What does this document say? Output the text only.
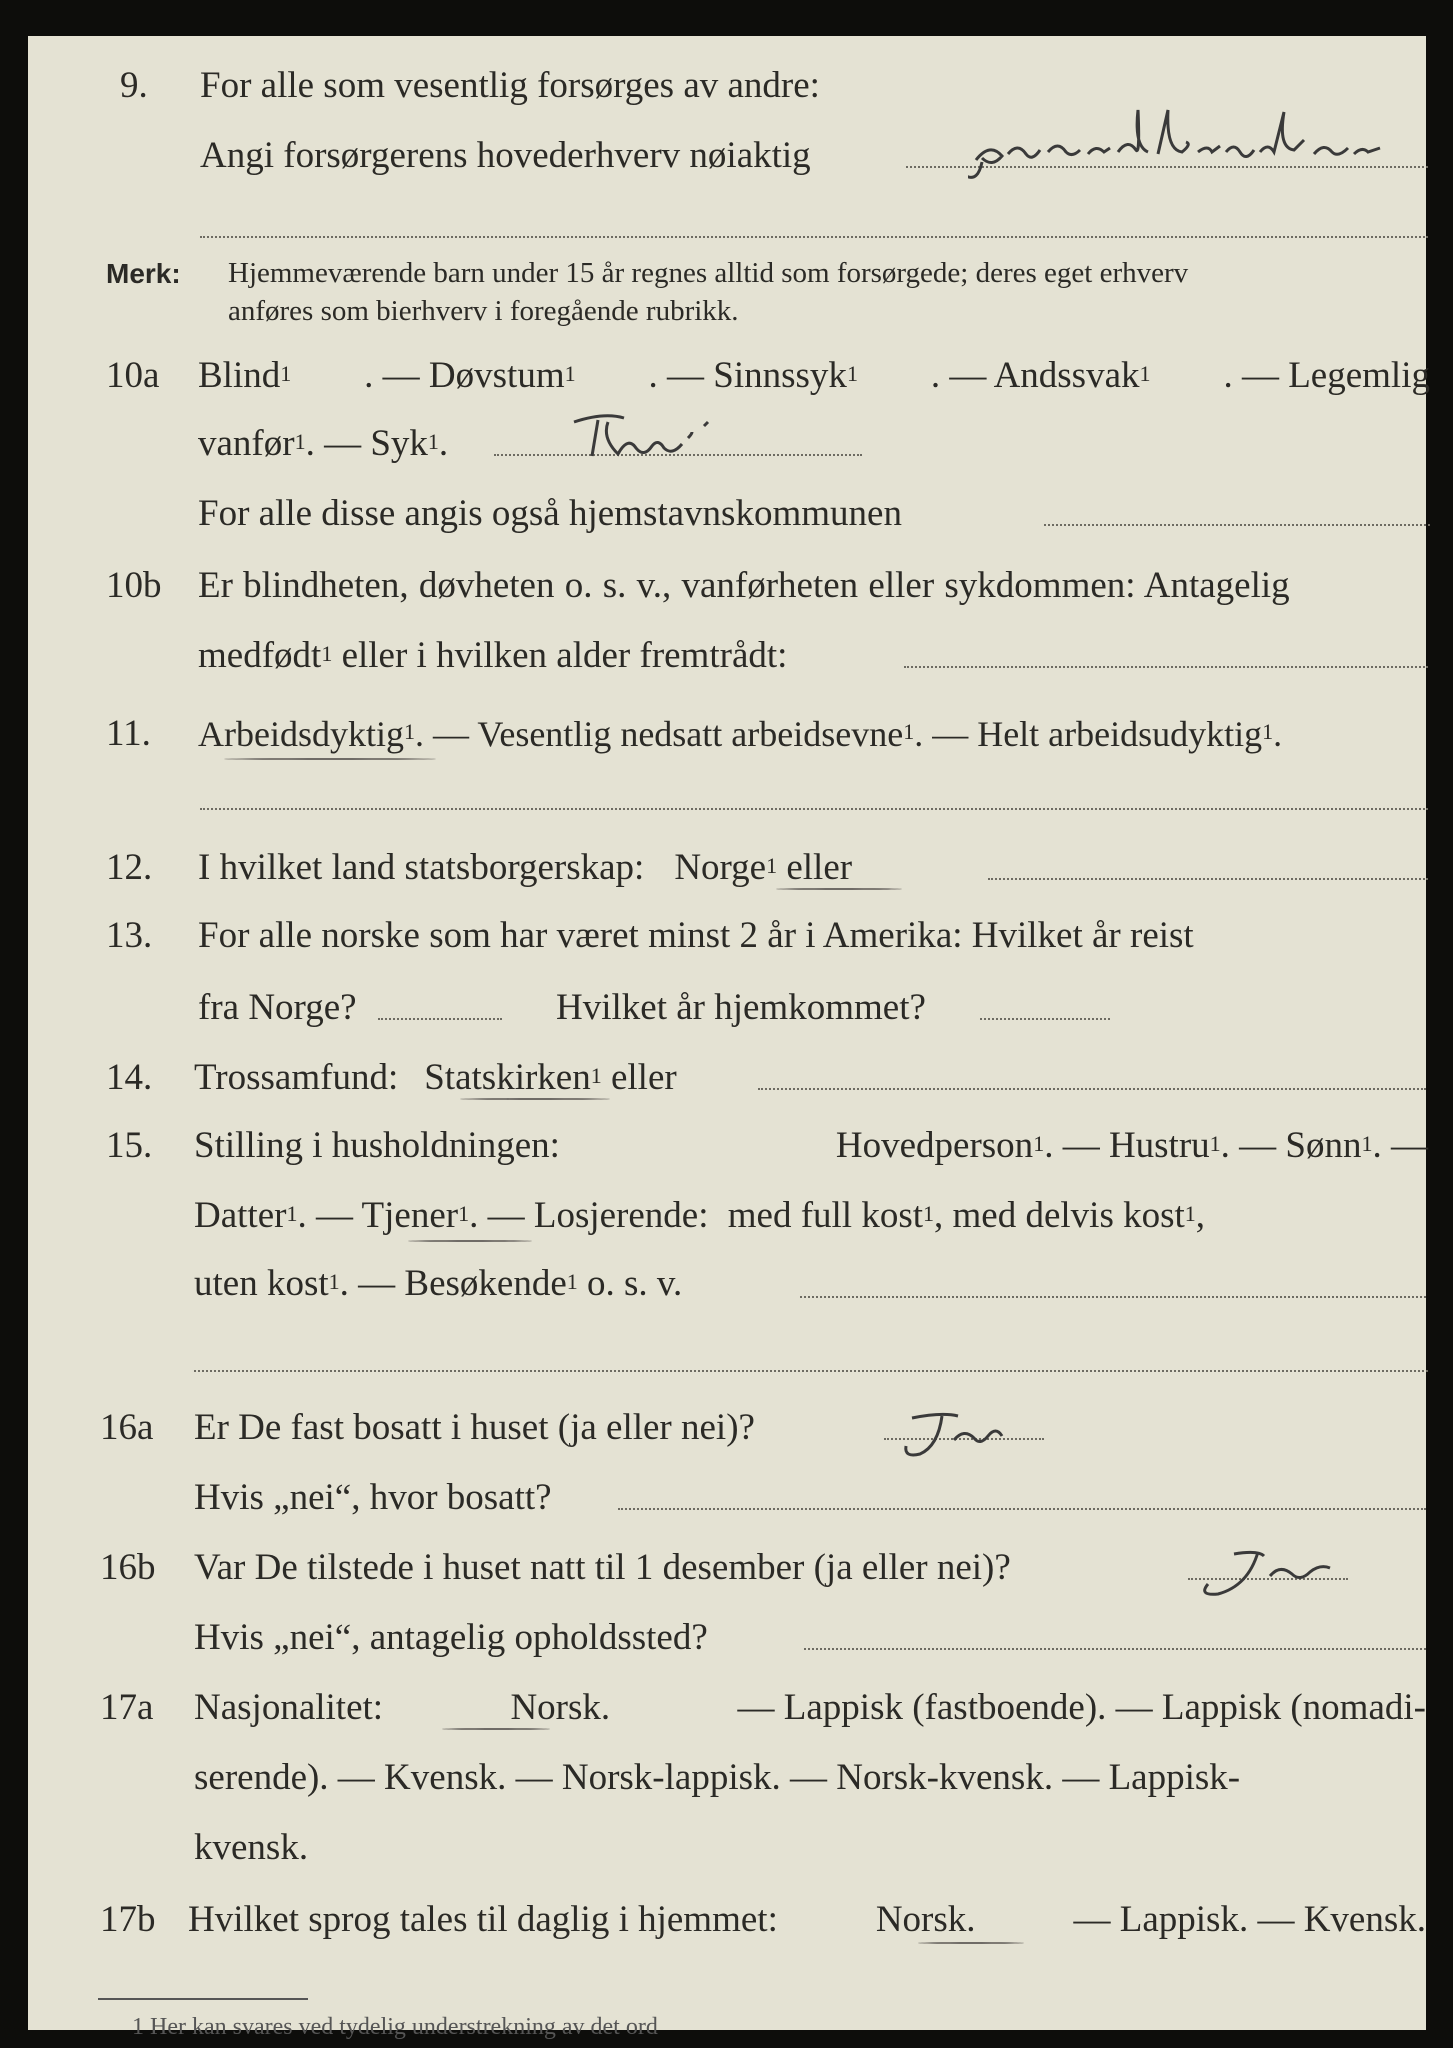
9. For alle som vesentlig forsørges av andre:
Angi forsørgerens hovederhverv nøiaktig
Merk: Hjemmeværende barn under 15 år regnes alltid som forsørgede; deres eget erhverv
anføres som bierhverv i foregående rubrikk.
10a Blind$^1$ . — Døvstum$^1$ . — Sinnssyk$^1$ . — Andssvak$^1$ . — Legemlig
vanfør$^1$. — Syk$^1$.
For alle disse angis også hjemstavnskommunen
10b Er blindheten, døvheten o. s. v., vanførheten eller sykdommen: Antagelig
medfødt$^1$ eller i hvilken alder fremtrådt:
11. Arbeidsdyktig$^1$. — Vesentlig nedsatt arbeidsevne$^1$. — Helt arbeidsudyktig$^1$.
12. I hvilket land statsborgerskap: Norge$^1$ eller
13. For alle norske som har været minst 2 år i Amerika: Hvilket år reist
fra Norge?	Hvilket år hjemkommet?
14. Trossamfund: Statskirken$^1$ eller
15. Stilling i husholdningen:	Hovedperson$^1$. — Hustru$^1$. — Sønn$^1$. —
Datter$^1$. — Tjener$^1$. — Losjerende: med full kost$^1$, med delvis kost$^1$,
uten kost$^1$. — Besøkende$^1$ o. s. v.
16a Er De fast bosatt i huset (ja eller nei)?
Hvis „nei“, hvor bosatt?
16b Var De tilstede i huset natt til 1 desember (ja eller nei)?
Hvis „nei“, antagelig opholdssted?
17a Nasjonalitet:	Norsk.	— Lappisk (fastboende). — Lappisk (nomadi-
serende). — Kvensk. — Norsk-lappisk. — Norsk-kvensk. — Lappisk-
kvensk.
17b Hvilket sprog tales til daglig i hjemmet:	Norsk.	— Lappisk. — Kvensk.
1 Her kan svares ved tydelig understrekning av det ord
